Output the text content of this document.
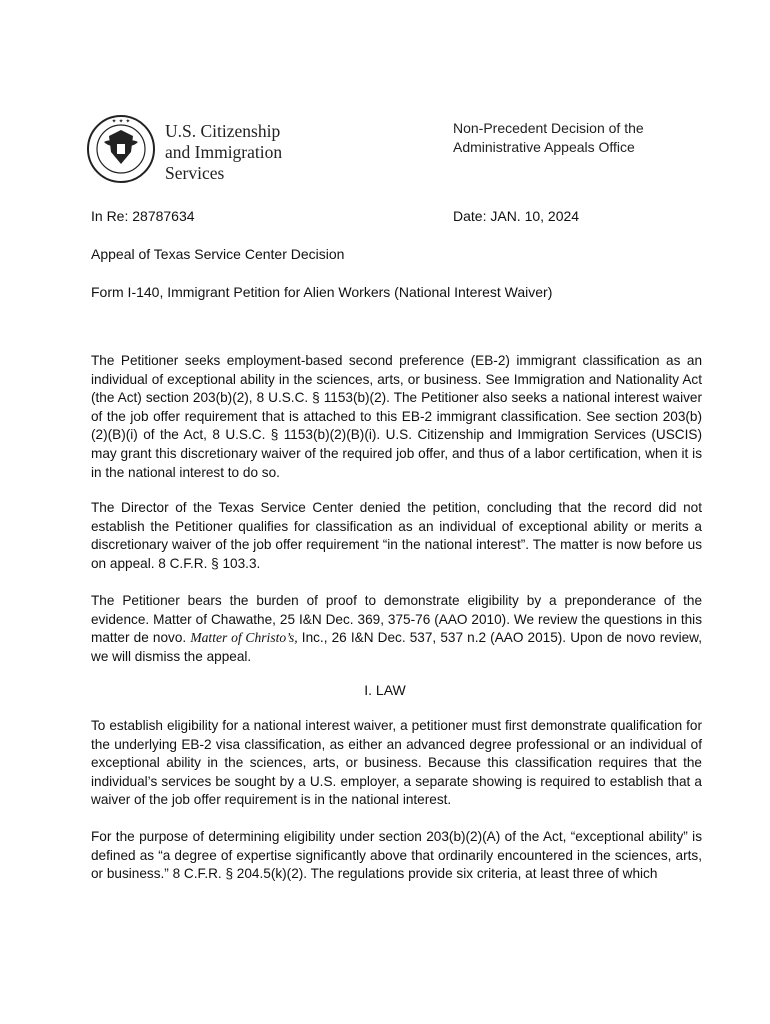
✦ ✦ ✦ U.S. Citizenship
and Immigration
Services
Non-Precedent Decision of the
Administrative Appeals Office
In Re: 28787634	Date: JAN. 10, 2024
Appeal of Texas Service Center Decision
Form I-140, Immigrant Petition for Alien Workers (National Interest Waiver)
The Petitioner seeks employment-based second preference (EB-2) immigrant classification as an individual of exceptional ability in the sciences, arts, or business. See Immigration and Nationality Act (the Act) section 203(b)(2), 8 U.S.C. § 1153(b)(2). The Petitioner also seeks a national interest waiver of the job offer requirement that is attached to this EB-2 immigrant classification. See section 203(b)(2)(B)(i) of the Act, 8 U.S.C. § 1153(b)(2)(B)(i). U.S. Citizenship and Immigration Services (USCIS) may grant this discretionary waiver of the required job offer, and thus of a labor certification, when it is in the national interest to do so.
The Director of the Texas Service Center denied the petition, concluding that the record did not establish the Petitioner qualifies for classification as an individual of exceptional ability or merits a discretionary waiver of the job offer requirement “in the national interest”. The matter is now before us on appeal. 8 C.F.R. § 103.3.
The Petitioner bears the burden of proof to demonstrate eligibility by a preponderance of the evidence. Matter of Chawathe, 25 I&N Dec. 369, 375-76 (AAO 2010). We review the questions in this matter de novo. Matter of Christo’s, Inc., 26 I&N Dec. 537, 537 n.2 (AAO 2015). Upon de novo review, we will dismiss the appeal.
I. LAW
To establish eligibility for a national interest waiver, a petitioner must first demonstrate qualification for the underlying EB-2 visa classification, as either an advanced degree professional or an individual of exceptional ability in the sciences, arts, or business. Because this classification requires that the individual’s services be sought by a U.S. employer, a separate showing is required to establish that a waiver of the job offer requirement is in the national interest.
For the purpose of determining eligibility under section 203(b)(2)(A) of the Act, “exceptional ability” is defined as “a degree of expertise significantly above that ordinarily encountered in the sciences, arts, or business.” 8 C.F.R. § 204.5(k)(2). The regulations provide six criteria, at least three of which
